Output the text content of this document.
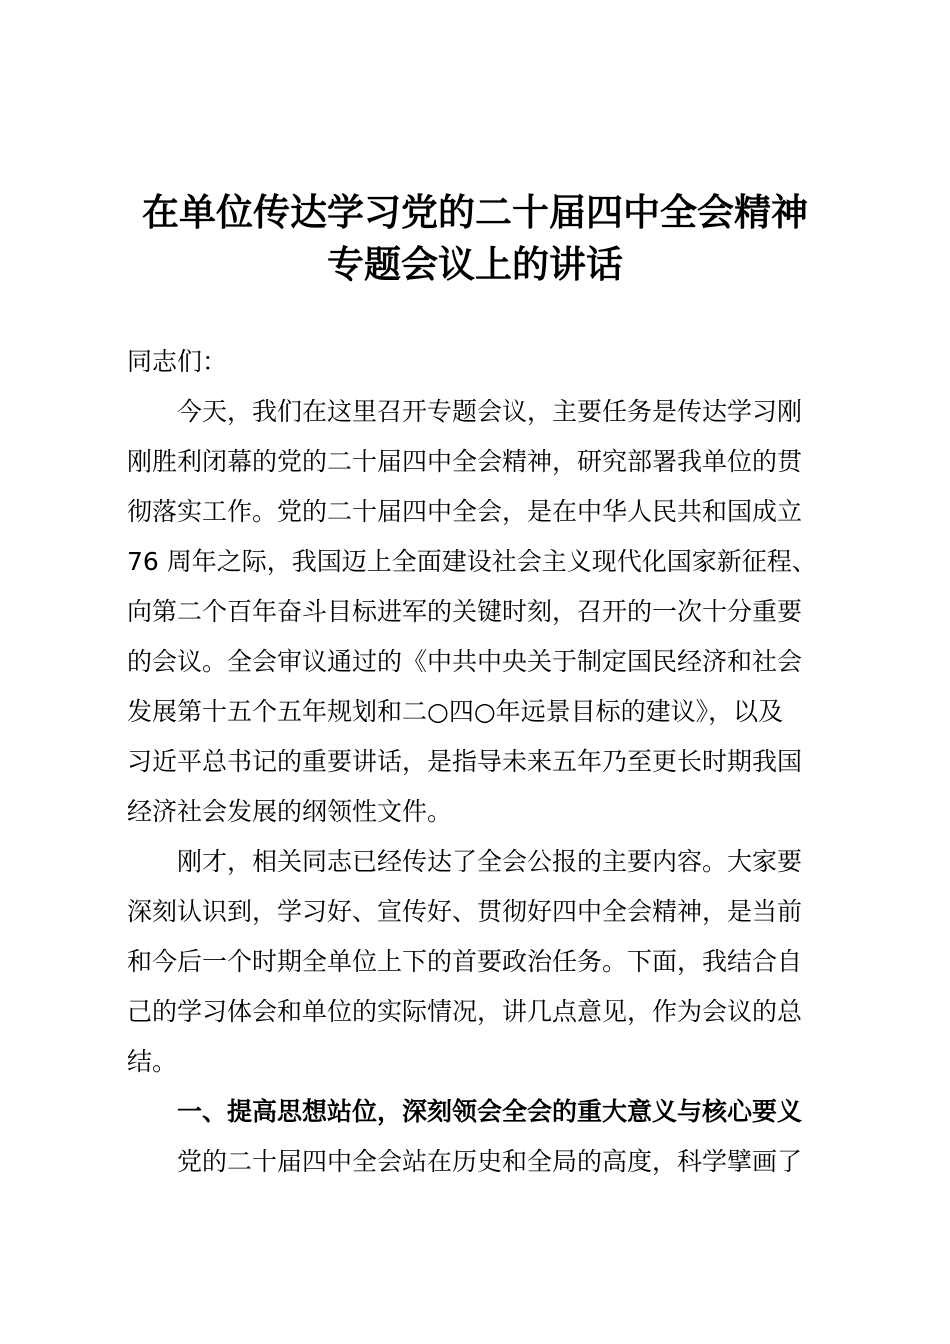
在单位传达学习党的二十届四中全会精神
专题会议上的讲话
同志们：
今天，我们在这里召开专题会议，主要任务是传达学习刚
刚胜利闭幕的党的二十届四中全会精神，研究部署我单位的贯
彻落实工作。党的二十届四中全会，是在中华人民共和国成立
76 周年之际，我国迈上全面建设社会主义现代化国家新征程、
向第二个百年奋斗目标进军的关键时刻，召开的一次十分重要
的会议。全会审议通过的《中共中央关于制定国民经济和社会
发展第十五个五年规划和二○四○年远景目标的建议》，以及
习近平总书记的重要讲话，是指导未来五年乃至更长时期我国
经济社会发展的纲领性文件。
刚才，相关同志已经传达了全会公报的主要内容。大家要
深刻认识到，学习好、宣传好、贯彻好四中全会精神，是当前
和今后一个时期全单位上下的首要政治任务。下面，我结合自
己的学习体会和单位的实际情况，讲几点意见，作为会议的总
结。
一、提高思想站位，深刻领会全会的重大意义与核心要义
党的二十届四中全会站在历史和全局的高度，科学擘画了
